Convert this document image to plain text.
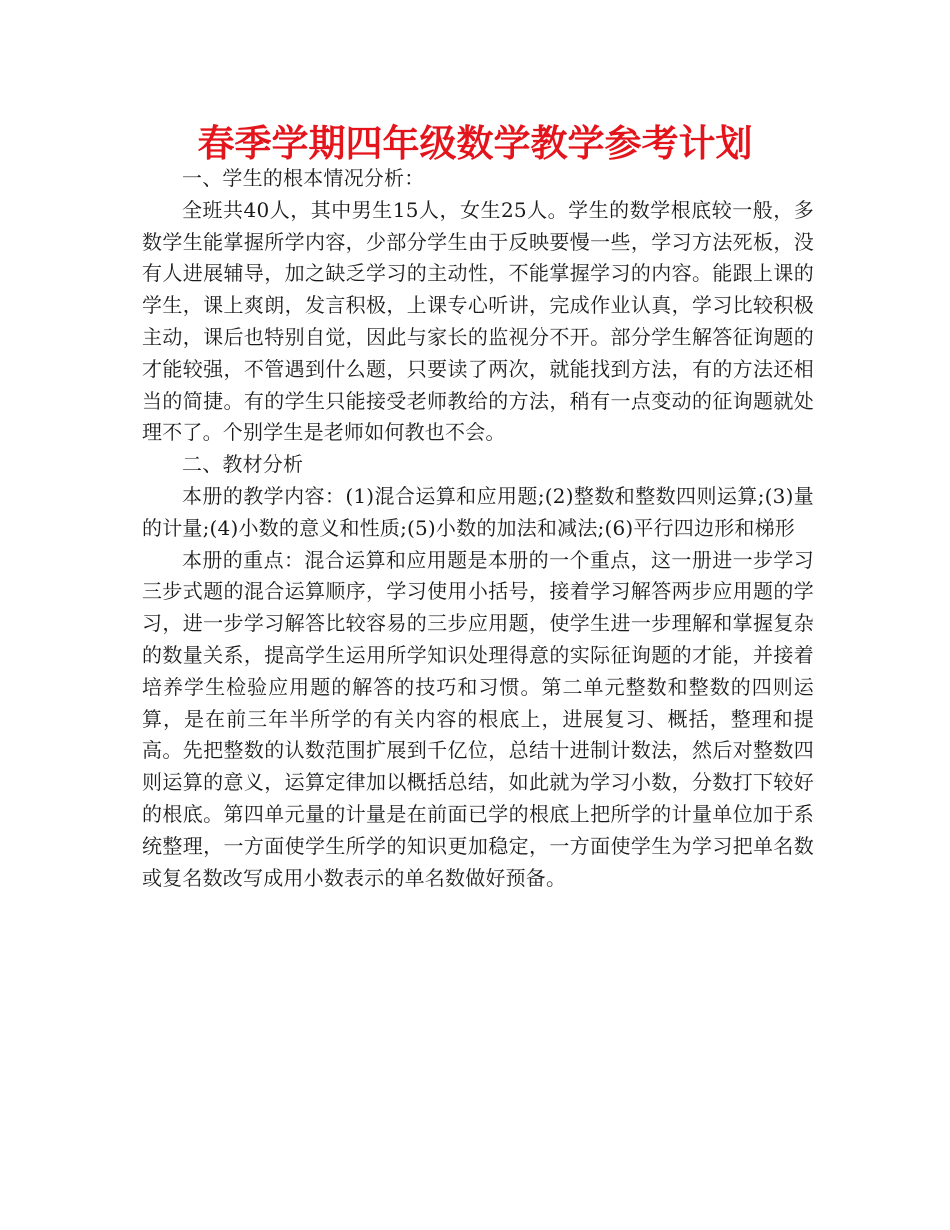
春季学期四年级数学教学参考计划

一、学生的根本情况分析：

全班共40人，其中男生15人，女生25人。学生的数学根底较一般，多数学生能掌握所学内容，少部分学生由于反映要慢一些，学习方法死板，没有人进展辅导，加之缺乏学习的主动性，不能掌握学习的内容。能跟上课的学生，课上爽朗，发言积极，上课专心听讲，完成作业认真，学习比较积极主动，课后也特别自觉，因此与家长的监视分不开。部分学生解答征询题的才能较强，不管遇到什么题，只要读了两次，就能找到方法，有的方法还相当的简捷。有的学生只能接受老师教给的方法，稍有一点变动的征询题就处理不了。个别学生是老师如何教也不会。

二、教材分析

本册的教学内容：(1)混合运算和应用题;(2)整数和整数四则运算;(3)量的计量;(4)小数的意义和性质;(5)小数的加法和减法;(6)平行四边形和梯形

本册的重点：混合运算和应用题是本册的一个重点，这一册进一步学习三步式题的混合运算顺序，学习使用小括号，接着学习解答两步应用题的学习，进一步学习解答比较容易的三步应用题，使学生进一步理解和掌握复杂的数量关系，提高学生运用所学知识处理得意的实际征询题的才能，并接着培养学生检验应用题的解答的技巧和习惯。第二单元整数和整数的四则运算，是在前三年半所学的有关内容的根底上，进展复习、概括，整理和提高。先把整数的认数范围扩展到千亿位，总结十进制计数法，然后对整数四则运算的意义，运算定律加以概括总结，如此就为学习小数，分数打下较好的根底。第四单元量的计量是在前面已学的根底上把所学的计量单位加于系统整理，一方面使学生所学的知识更加稳定，一方面使学生为学习把单名数或复名数改写成用小数表示的单名数做好预备。
